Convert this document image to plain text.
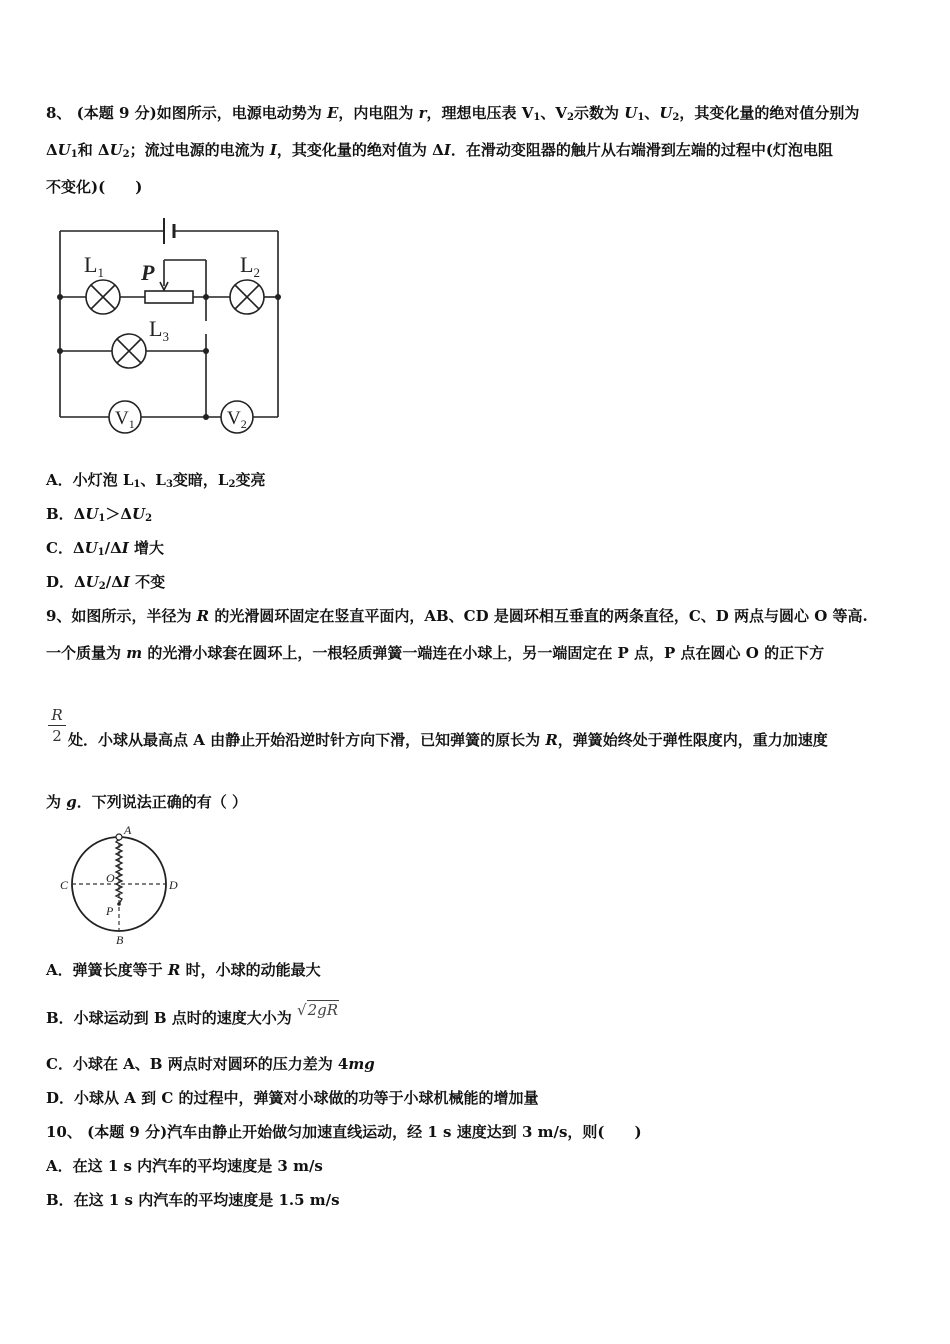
8、 (本题 9 分)如图所示，电源电动势为 E，内电阻为 r，理想电压表 $V_1$、$V_2$示数为 $U_1$、$U_2$，其变化量的绝对值分别为
$\Delta U_1$和 $\Delta U_2$；流过电源的电流为 I，其变化量的绝对值为 ΔI．在滑动变阻器的触片从右端滑到左端的过程中(灯泡电阻
不变化)(　　)
$L_1$	$L_2$
$L_3$
P
$V_1$	$V_2$
A．小灯泡 $L_1$、$L_3$变暗，$L_2$变亮
B．$\Delta U_1>\Delta U_2$
C．$\Delta U_1/\Delta I$ 增大
D．$\Delta U_2/\Delta I$ 不变
9、如图所示，半径为 R 的光滑圆环固定在竖直平面内，AB、CD 是圆环相互垂直的两条直径，C、D 两点与圆心 O 等高.
一个质量为 m 的光滑小球套在圆环上，一根轻质弹簧一端连在小球上，另一端固定在 P 点，P 点在圆心 O 的正下方
R
2 处．小球从最高点 A 由静止开始沿逆时针方向下滑，已知弹簧的原长为 R，弹簧始终处于弹性限度内，重力加速度
为 g．下列说法正确的有（ ）
A
B
C	D
O
P
A．弹簧长度等于 R 时，小球的动能最大
B．小球运动到 B 点时的速度大小为 √2gR
C．小球在 A、B 两点时对圆环的压力差为 4mg
D．小球从 A 到 C 的过程中，弹簧对小球做的功等于小球机械能的增加量
10、 (本题 9 分)汽车由静止开始做匀加速直线运动，经 1 s 速度达到 3 m/s，则(　　)
A．在这 1 s 内汽车的平均速度是 3 m/s
B．在这 1 s 内汽车的平均速度是 1.5 m/s
